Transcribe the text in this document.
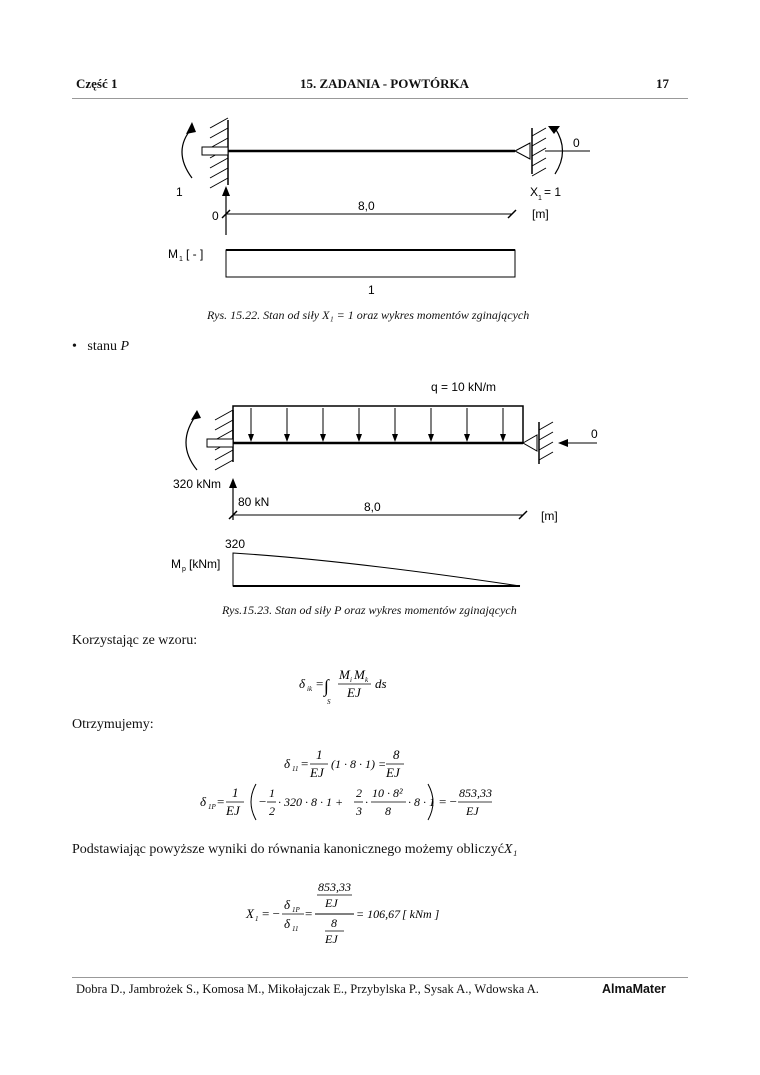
Część 1	15. ZADANIA - POWTÓRKA	17
1
0
X 1 = 1
0
8,0
[m]
M 1 [ - ]
1
Rys. 15.22. Stan od siły X₁ = 1 oraz wykres momentów zginających
•   stanu P
q = 10 kN/m
0
320 kNm
80 kN	8,0
[m]
320
M p [kNm]
Rys.15.23. Stan od siły P oraz wykres momentów zginających
Korzystając ze wzoru:
δ ik = ∫
S
M i M k
EJ
ds
Otrzymujemy:
δ 11 =
1
EJ
(1 · 8 · 1) =
8
EJ
δ 1P =
1
EJ
−
1
2
· 320 · 8 · 1 +
2
3
·
10 · 8²
8
· 8 · 1 = −
853,33
EJ
Podstawiając powyższe wyniki do równania kanonicznego możemy obliczyćX₁
X 1 = −
δ 1P
δ 11
=
853,33
EJ
8
EJ
= 106,67 [ kNm ]
Dobra D., Jambrożek S., Komosa M., Mikołajczak E., Przybylska P., Sysak A., Wdowska A.	AlmaMater
